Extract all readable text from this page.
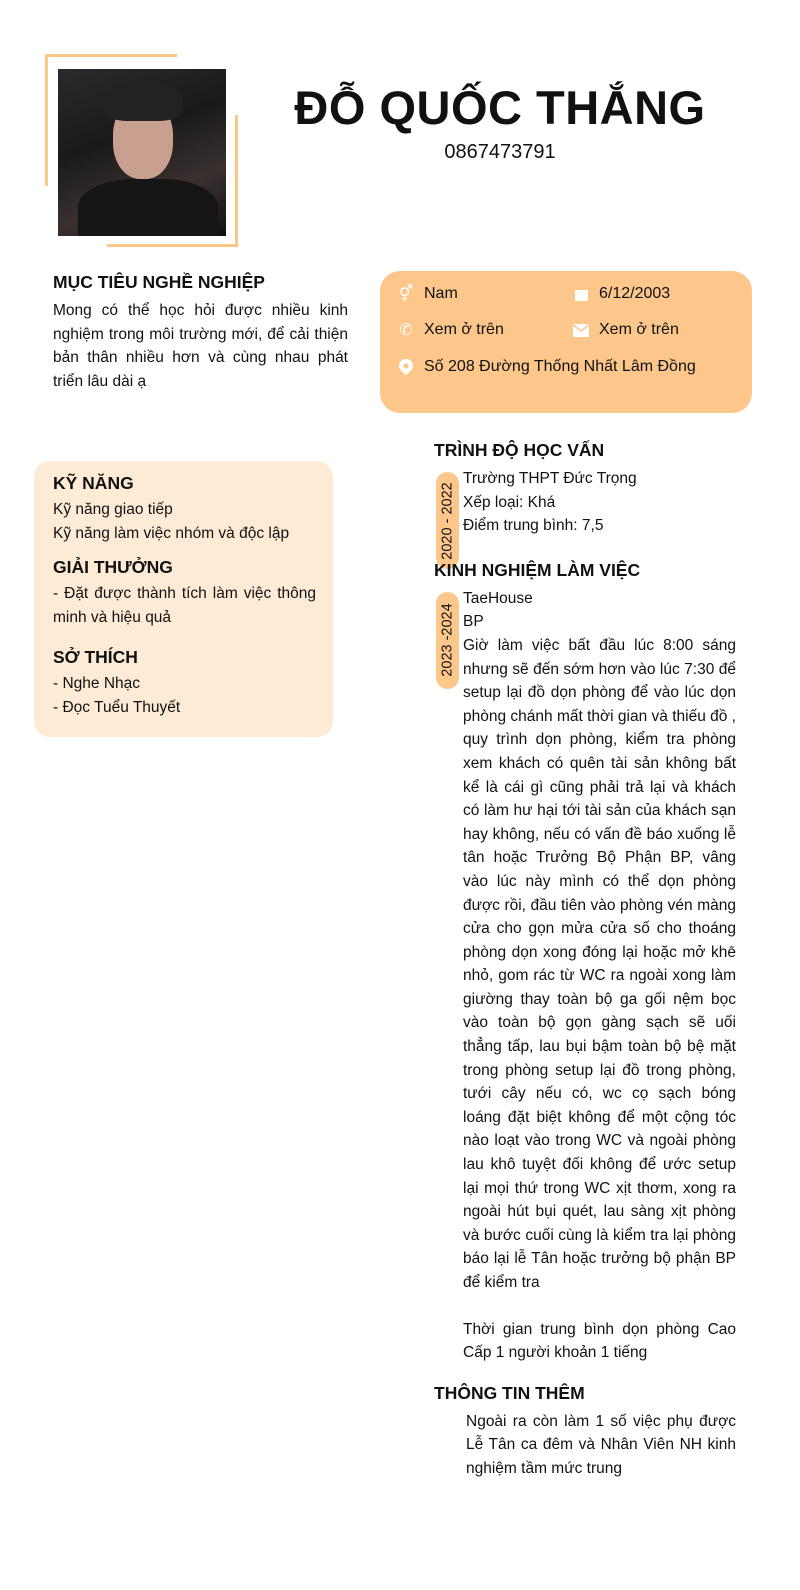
ĐỖ QUỐC THẮNG
0867473791
MỤC TIÊU NGHỀ NGHIỆP
Mong có thể học hỏi được nhiều kinh nghiệm trong môi trường mới, để cải thiện bản thân nhiều hơn và cùng nhau phát triển lâu dài ạ
⚥ Nam	6/12/2003
✆ Xem ở trên	Xem ở trên
Số 208 Đường Thống Nhất Lâm Đồng
KỸ NĂNG
Kỹ năng giao tiếp
Kỹ năng làm việc nhóm và độc lập
GIẢI THƯỞNG
- Đặt được thành tích làm việc thông minh và hiệu quả
SỞ THÍCH
- Nghe Nhạc
- Đọc Tuểu Thuyết
TRÌNH ĐỘ HỌC VẤN
2020 - 2022
Trường THPT Đức Trọng
Xếp loại: Khá
Điểm trung bình: 7,5
KINH NGHIỆM LÀM VIỆC
2023 -2024
TaeHouse
BP
Giờ làm việc bất đầu lúc 8:00 sáng nhưng sẽ đến sớm hơn vào lúc 7:30 để setup lại đồ dọn phòng để vào lúc dọn phòng chánh mất thời gian và thiếu đồ , quy trình dọn phòng, kiểm tra phòng xem khách có quên tài sản không bất kể là cái gì cũng phải trả lại và khách có làm hư hại tới tài sản của khách sạn hay không, nếu có vấn đề báo xuống lễ tân hoặc Trưởng Bộ Phận BP, vâng vào lúc này mình có thể dọn phòng được rồi, đầu tiên vào phòng vén màng cửa cho gọn mửa cửa số cho thoáng phòng dọn xong đóng lại hoặc mở khē nhỏ, gom rác từ WC ra ngoài xong làm giường thay toàn bộ ga gối nệm bọc vào toàn bộ gọn gàng sạch sẽ uối thẳng tấp, lau bụi bậm toàn bộ bệ mặt trong phòng setup lại đồ trong phòng, tưới cây nếu có, wc cọ sạch bóng loáng đặt biệt không để một cộng tóc nào loạt vào trong WC và ngoài phòng lau khô tuyệt đối không để ước setup lại mọi thứ trong WC xịt thơm, xong ra ngoài hút bụi quét, lau sàng xịt phòng và bước cuối cùng là kiểm tra lại phòng báo lại lễ Tân hoặc trưởng bộ phận BP để kiểm tra
Thời gian trung bình dọn phòng Cao Cấp 1 người khoản 1 tiếng
THÔNG TIN THÊM
Ngoài ra còn làm 1 số việc phụ được Lễ Tân ca đêm và Nhân Viên NH kinh nghiệm tầm mức trung
